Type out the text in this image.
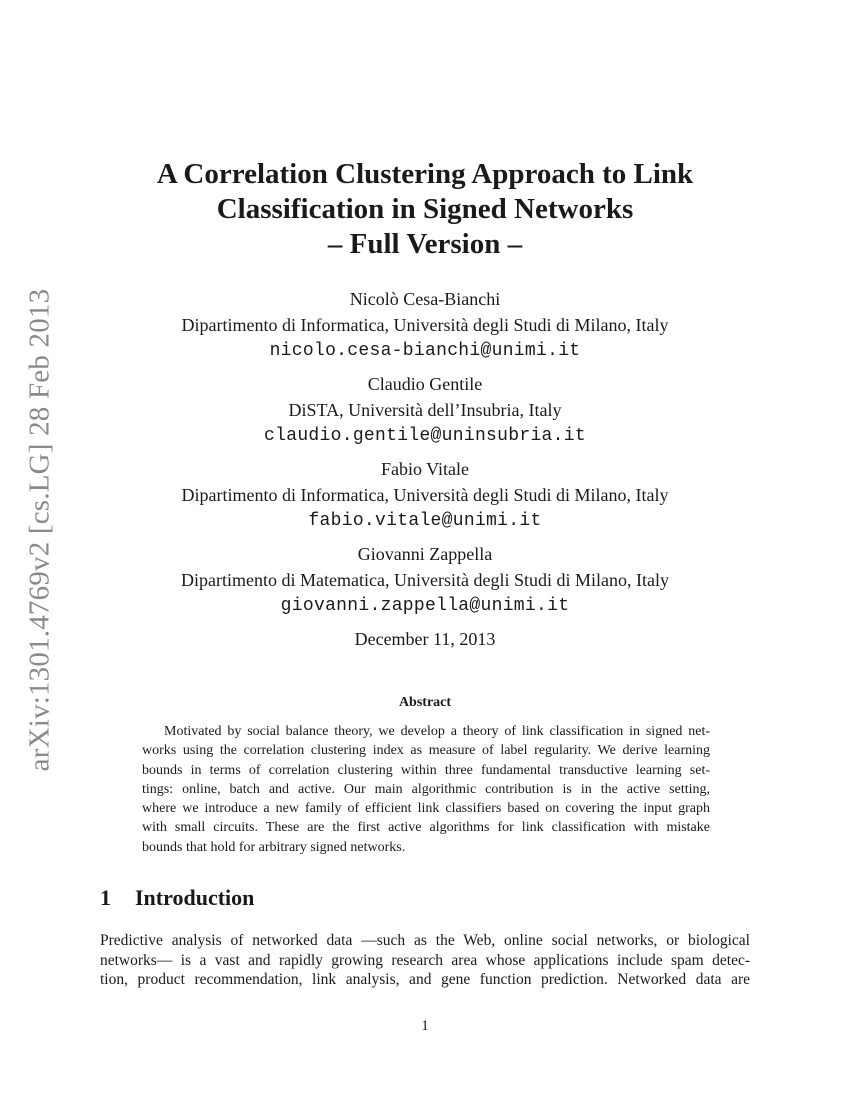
arXiv:1301.4769v2 [cs.LG] 28 Feb 2013
A Correlation Clustering Approach to Link
Classification in Signed Networks
– Full Version –
Nicolò Cesa-Bianchi
Dipartimento di Informatica, Università degli Studi di Milano, Italy
nicolo.cesa-bianchi@unimi.it
Claudio Gentile
DiSTA, Università dell’Insubria, Italy
claudio.gentile@uninsubria.it
Fabio Vitale
Dipartimento di Informatica, Università degli Studi di Milano, Italy
fabio.vitale@unimi.it
Giovanni Zappella
Dipartimento di Matematica, Università degli Studi di Milano, Italy
giovanni.zappella@unimi.it
December 11, 2013
Abstract
Motivated by social balance theory, we develop a theory of link classification in signed net-
works using the correlation clustering index as measure of label regularity. We derive learning
bounds in terms of correlation clustering within three fundamental transductive learning set-
tings: online, batch and active. Our main algorithmic contribution is in the active setting,
where we introduce a new family of efficient link classifiers based on covering the input graph
with small circuits. These are the first active algorithms for link classification with mistake
bounds that hold for arbitrary signed networks.
1 Introduction
Predictive analysis of networked data —such as the Web, online social networks, or biological
networks— is a vast and rapidly growing research area whose applications include spam detec-
tion, product recommendation, link analysis, and gene function prediction. Networked data are
1
